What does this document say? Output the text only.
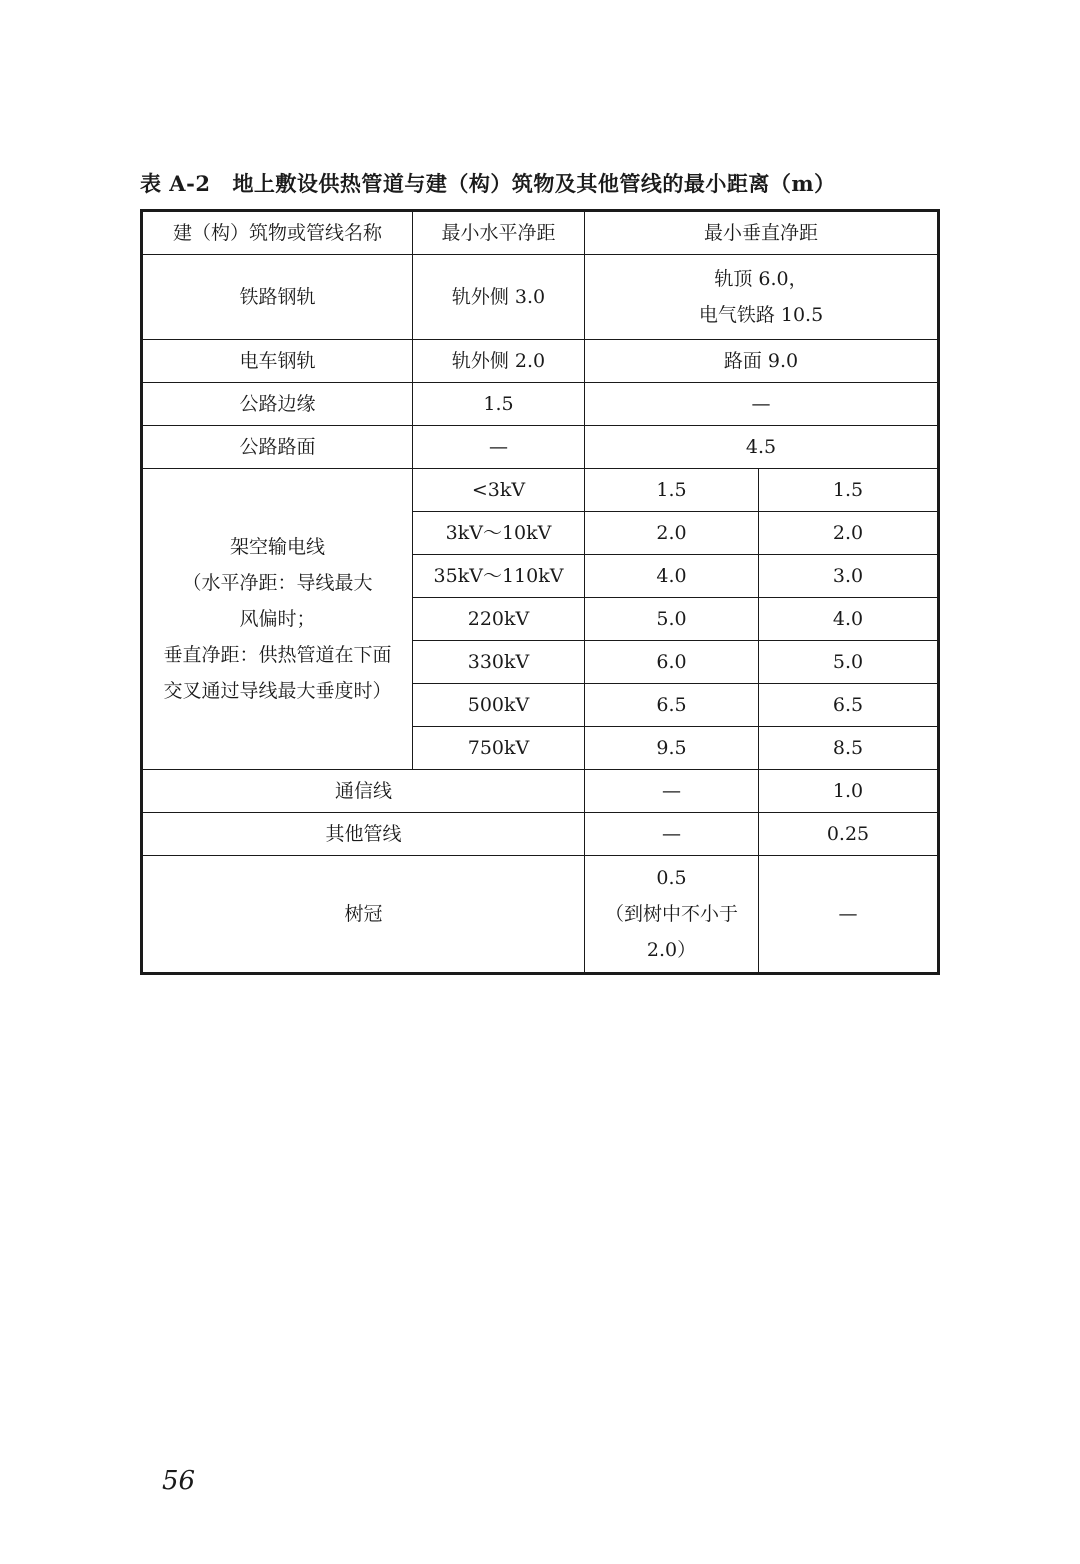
表 A-2 地上敷设供热管道与建（构）筑物及其他管线的最小距离（m）
建（构）筑物或管线名称	最小水平净距	最小垂直净距	
铁路钢轨	轨外侧 3.0	轨顶 6.0，
电气铁路 10.5	

电车钢轨	轨外侧 2.0	路面 9.0	
公路边缘	1.5	—	
公路路面	—	4.5	

架空输电线
（水平净距：导线最大
风偏时；
垂直净距：供热管道在下面
交叉通过导线最大垂度时）	<3kV	1.5	1.5
	3kV～10kV	2.0	2.0
	35kV～110kV	4.0	3.0
	220kV	5.0	4.0
	330kV	6.0	5.0
	500kV	6.5	6.5
	750kV	9.5	8.5
通信线		—	1.0
其他管线		—	0.25
树冠		0.5
（到树中不小于
2.0）	—
56
